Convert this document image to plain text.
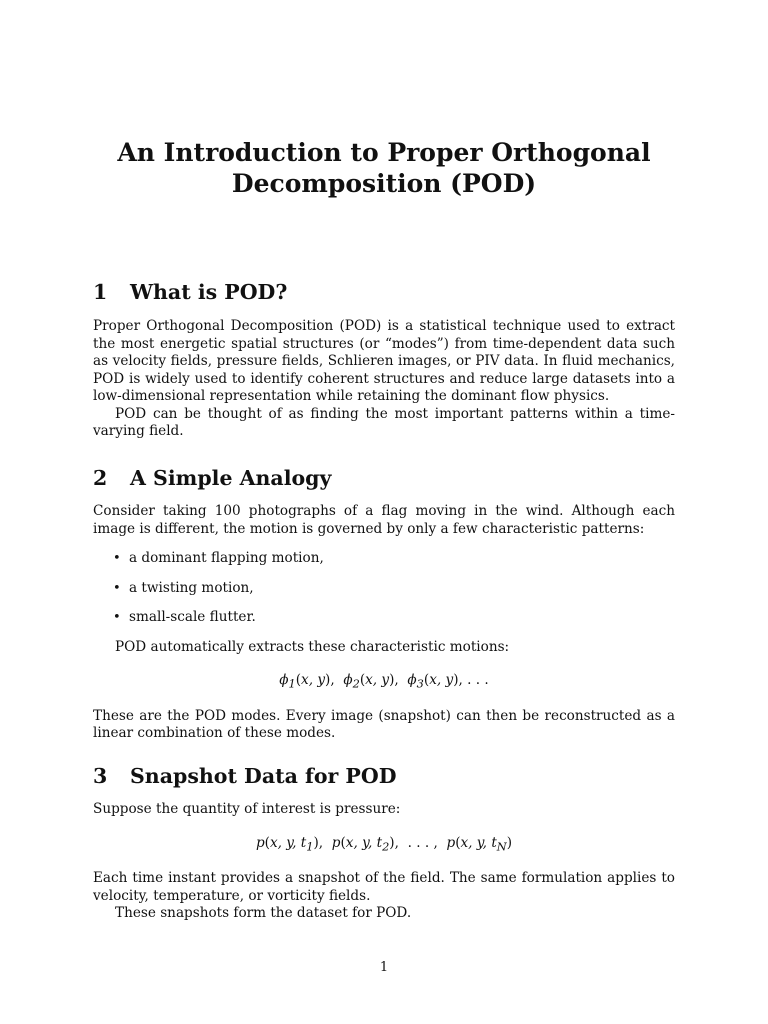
An Introduction to Proper Orthogonal
Decomposition (POD)
1	What is POD?

Proper Orthogonal Decomposition (POD) is a statistical technique used to extract the most energetic spatial structures (or “modes”) from time-dependent data such as velocity fields, pressure fields, Schlieren images, or PIV data. In fluid mechanics, POD is widely used to identify coherent structures and reduce large datasets into a low-dimensional representation while retaining the dominant flow physics.

POD can be thought of as finding the most important patterns within a time-varying field.

2	A Simple Analogy

Consider taking 100 photographs of a flag moving in the wind. Although each image is different, the motion is governed by only a few characteristic patterns:

• a dominant flapping motion,
• a twisting motion,
• small-scale flutter.

POD automatically extracts these characteristic motions:

$\phi_1(x$, y),  $\phi_2(x$, y),  $\phi_3(x$, y), . . .

These are the POD modes. Every image (snapshot) can then be reconstructed as a linear combination of these modes.

3	Snapshot Data for POD

Suppose the quantity of interest is pressure:

p(x, y, $t_1$),  p(x, y, $t_2$), . . . ,  p(x, y, $t_N$)

Each time instant provides a snapshot of the field. The same formulation applies to velocity, temperature, or vorticity fields.

These snapshots form the dataset for POD.

1
